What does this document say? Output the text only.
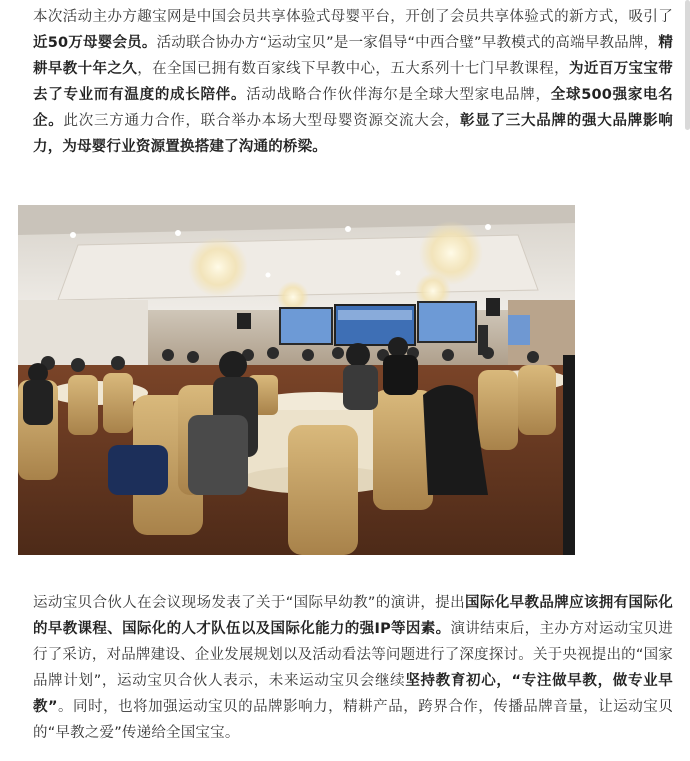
本次活动主办方趣宝网是中国会员共享体验式母婴平台，开创了会员共享体验式的新方式，吸引了近50万母婴会员。活动联合协办方“运动宝贝”是一家倡导“中西合璧”早教模式的高端早教品牌，精耕早教十年之久，在全国已拥有数百家线下早教中心，五大系列十七门早教课程，为近百万宝宝带去了专业而有温度的成长陪伴。活动战略合作伙伴海尔是全球大型家电品牌，全球500强家电名企。此次三方通力合作，联合举办本场大型母婴资源交流大会，彰显了三大品牌的强大品牌影响力，为母婴行业资源置换搭建了沟通的桥梁。

运动宝贝合伙人在会议现场发表了关于“国际早幼教”的演讲，提出国际化早教品牌应该拥有国际化的早教课程、国际化的人才队伍以及国际化能力的强IP等因素。演讲结束后，主办方对运动宝贝进行了采访，对品牌建设、企业发展规划以及活动看法等问题进行了深度探讨。关于央视提出的“国家品牌计划”，运动宝贝合伙人表示，未来运动宝贝会继续坚持教育初心，“专注做早教，做专业早教”。同时，也将加强运动宝贝的品牌影响力，精耕产品，跨界合作，传播品牌音量，让运动宝贝的“早教之爱”传递给全国宝宝。
